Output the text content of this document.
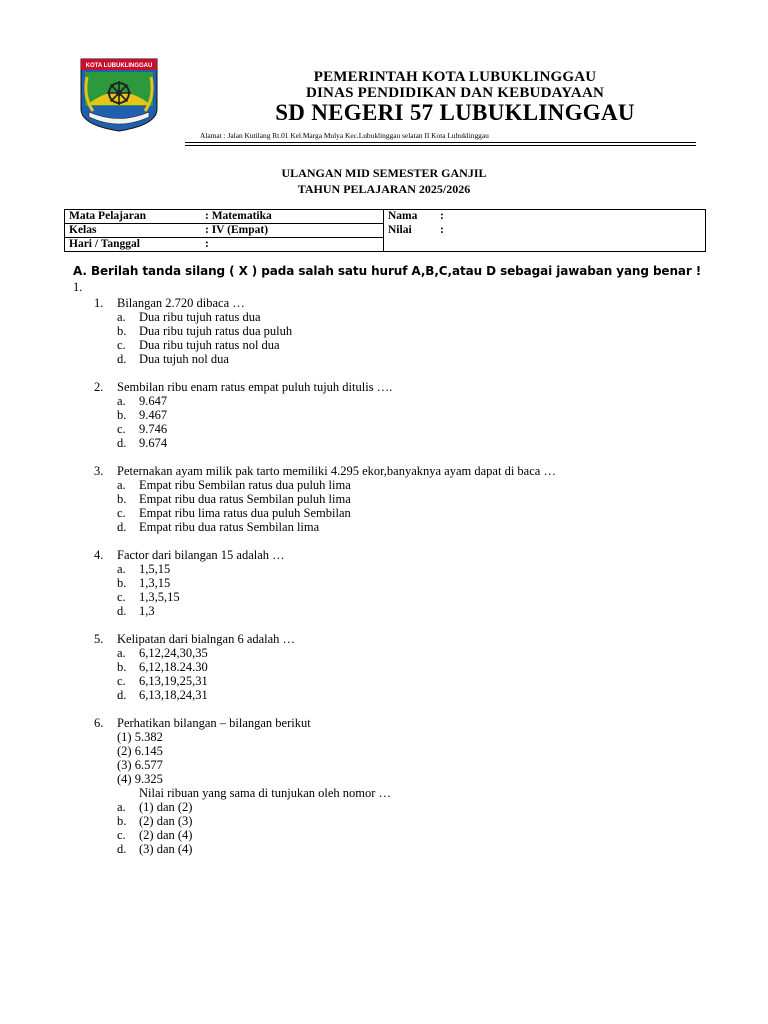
KOTA LUBUKLINGGAU
PEMERINTAH KOTA LUBUKLINGGAU
DINAS PENDIDIKAN DAN KEBUDAYAAN
SD NEGERI 57 LUBUKLINGGAU
Alamat : Jalan Kutilang Rt.01 Kel.Marga Mulya Kec.Lubuklinggau selatan II Kota Lubuklinggau
ULANGAN MID SEMESTER GANJIL
TAHUN PELAJARAN 2025/2026
Mata Pelajaran : Matematika	Nama :
Kelas : IV (Empat)	Nilai :
Hari / Tanggal :	
A. Berilah tanda silang ( X ) pada salah satu huruf A,B,C,atau D sebagai jawaban yang benar !
1.
1. Bilangan 2.720 dibaca …
a. Dua ribu tujuh ratus dua
b. Dua ribu tujuh ratus dua puluh
c. Dua ribu tujuh ratus nol dua
d. Dua tujuh nol dua
2. Sembilan ribu enam ratus empat puluh tujuh ditulis ….
a. 9.647
b. 9.467
c. 9.746
d. 9.674
3. Peternakan ayam milik pak tarto memiliki 4.295 ekor,banyaknya ayam dapat di baca …
a. Empat ribu Sembilan ratus dua puluh lima
b. Empat ribu dua ratus Sembilan puluh lima
c. Empat ribu lima ratus dua puluh Sembilan
d. Empat ribu dua ratus Sembilan lima
4. Factor dari bilangan 15 adalah …
a. 1,5,15
b. 1,3,15
c. 1,3,5,15
d. 1,3
5. Kelipatan dari bialngan 6 adalah …
a. 6,12,24,30,35
b. 6,12,18.24.30
c. 6,13,19,25,31
d. 6,13,18,24,31
6. Perhatikan bilangan – bilangan berikut
(1) 5.382
(2) 6.145
(3) 6.577
(4) 9.325
Nilai ribuan yang sama di tunjukan oleh nomor …
a. (1) dan (2)
b. (2) dan (3)
c. (2) dan (4)
d. (3) dan (4)
